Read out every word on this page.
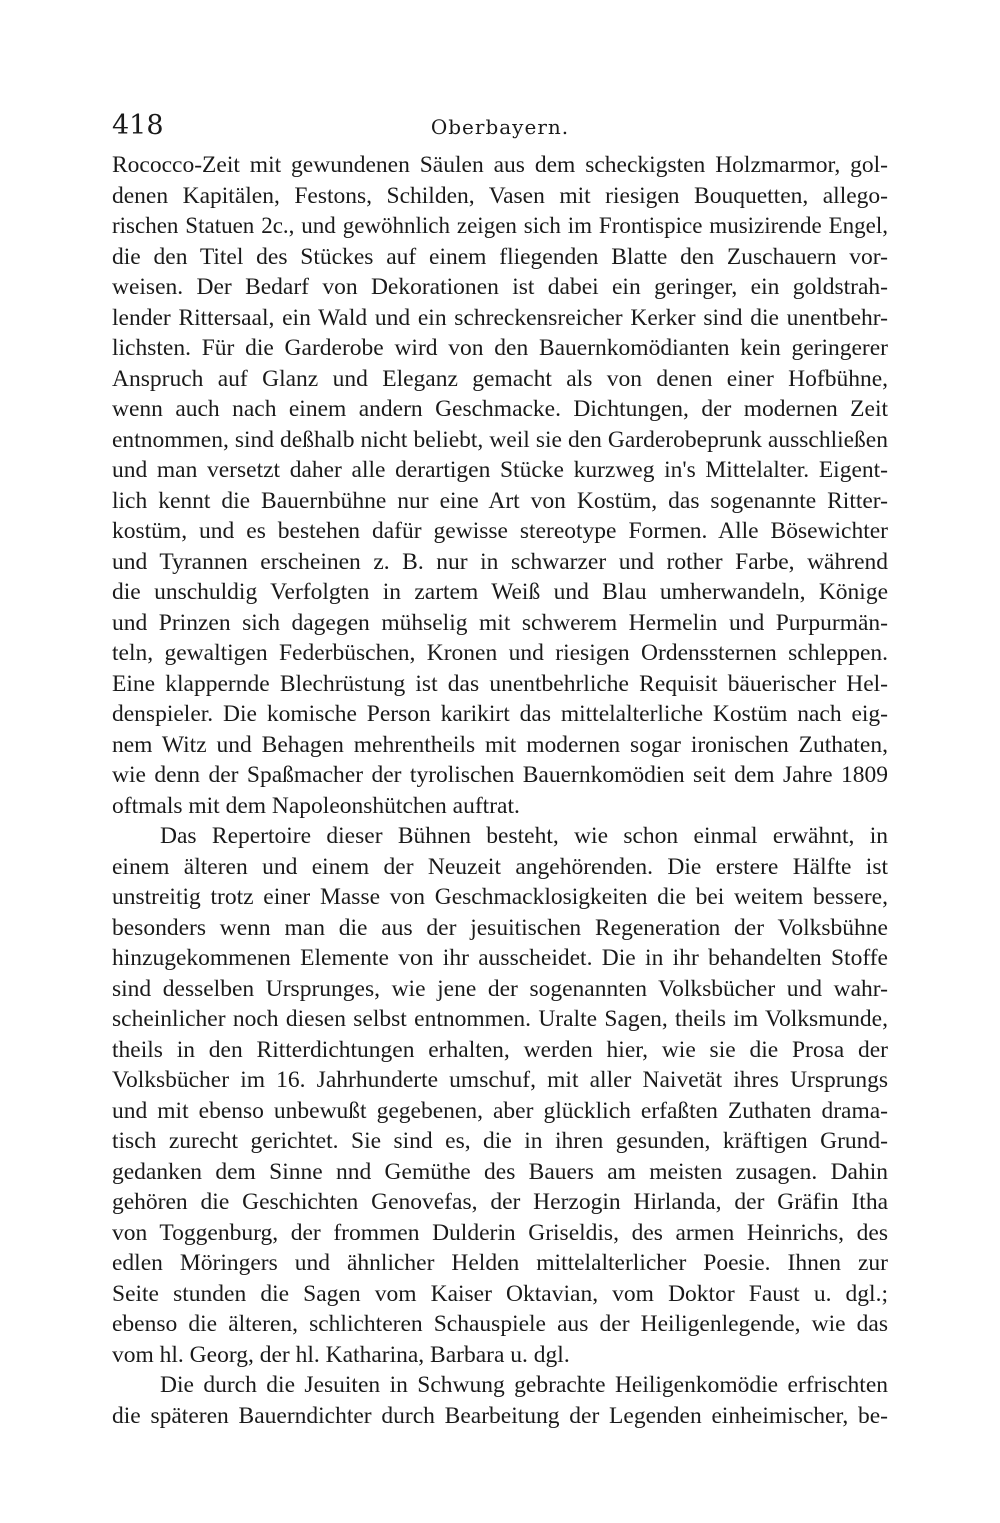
418	Oberbayern.
Rococco-Zeit mit gewundenen Säulen aus dem scheckigsten Holzmarmor, gol-
denen Kapitälen, Festons, Schilden, Vasen mit riesigen Bouquetten, allego-
rischen Statuen 2c., und gewöhnlich zeigen sich im Frontispice musizirende Engel,
die den Titel des Stückes auf einem fliegenden Blatte den Zuschauern vor-
weisen. Der Bedarf von Dekorationen ist dabei ein geringer, ein goldstrah-
lender Rittersaal, ein Wald und ein schreckensreicher Kerker sind die unentbehr-
lichsten. Für die Garderobe wird von den Bauernkomödianten kein geringerer
Anspruch auf Glanz und Eleganz gemacht als von denen einer Hofbühne,
wenn auch nach einem andern Geschmacke. Dichtungen, der modernen Zeit
entnommen, sind deßhalb nicht beliebt, weil sie den Garderobeprunk ausschließen
und man versetzt daher alle derartigen Stücke kurzweg in's Mittelalter. Eigent-
lich kennt die Bauernbühne nur eine Art von Kostüm, das sogenannte Ritter-
kostüm, und es bestehen dafür gewisse stereotype Formen. Alle Bösewichter
und Tyrannen erscheinen z. B. nur in schwarzer und rother Farbe, während
die unschuldig Verfolgten in zartem Weiß und Blau umherwandeln, Könige
und Prinzen sich dagegen mühselig mit schwerem Hermelin und Purpurmän-
teln, gewaltigen Federbüschen, Kronen und riesigen Ordenssternen schleppen.
Eine klappernde Blechrüstung ist das unentbehrliche Requisit bäuerischer Hel-
denspieler. Die komische Person karikirt das mittelalterliche Kostüm nach eig-
nem Witz und Behagen mehrentheils mit modernen sogar ironischen Zuthaten,
wie denn der Spaßmacher der tyrolischen Bauernkomödien seit dem Jahre 1809
oftmals mit dem Napoleonshütchen auftrat.
Das Repertoire dieser Bühnen besteht, wie schon einmal erwähnt, in
einem älteren und einem der Neuzeit angehörenden. Die erstere Hälfte ist
unstreitig trotz einer Masse von Geschmacklosigkeiten die bei weitem bessere,
besonders wenn man die aus der jesuitischen Regeneration der Volksbühne
hinzugekommenen Elemente von ihr ausscheidet. Die in ihr behandelten Stoffe
sind desselben Ursprunges, wie jene der sogenannten Volksbücher und wahr-
scheinlicher noch diesen selbst entnommen. Uralte Sagen, theils im Volksmunde,
theils in den Ritterdichtungen erhalten, werden hier, wie sie die Prosa der
Volksbücher im 16. Jahrhunderte umschuf, mit aller Naivetät ihres Ursprungs
und mit ebenso unbewußt gegebenen, aber glücklich erfaßten Zuthaten drama-
tisch zurecht gerichtet. Sie sind es, die in ihren gesunden, kräftigen Grund-
gedanken dem Sinne nnd Gemüthe des Bauers am meisten zusagen. Dahin
gehören die Geschichten Genovefas, der Herzogin Hirlanda, der Gräfin Itha
von Toggenburg, der frommen Dulderin Griseldis, des armen Heinrichs, des
edlen Möringers und ähnlicher Helden mittelalterlicher Poesie. Ihnen zur
Seite stunden die Sagen vom Kaiser Oktavian, vom Doktor Faust u. dgl.;
ebenso die älteren, schlichteren Schauspiele aus der Heiligenlegende, wie das
vom hl. Georg, der hl. Katharina, Barbara u. dgl.
Die durch die Jesuiten in Schwung gebrachte Heiligenkomödie erfrischten
die späteren Bauerndichter durch Bearbeitung der Legenden einheimischer, be-
